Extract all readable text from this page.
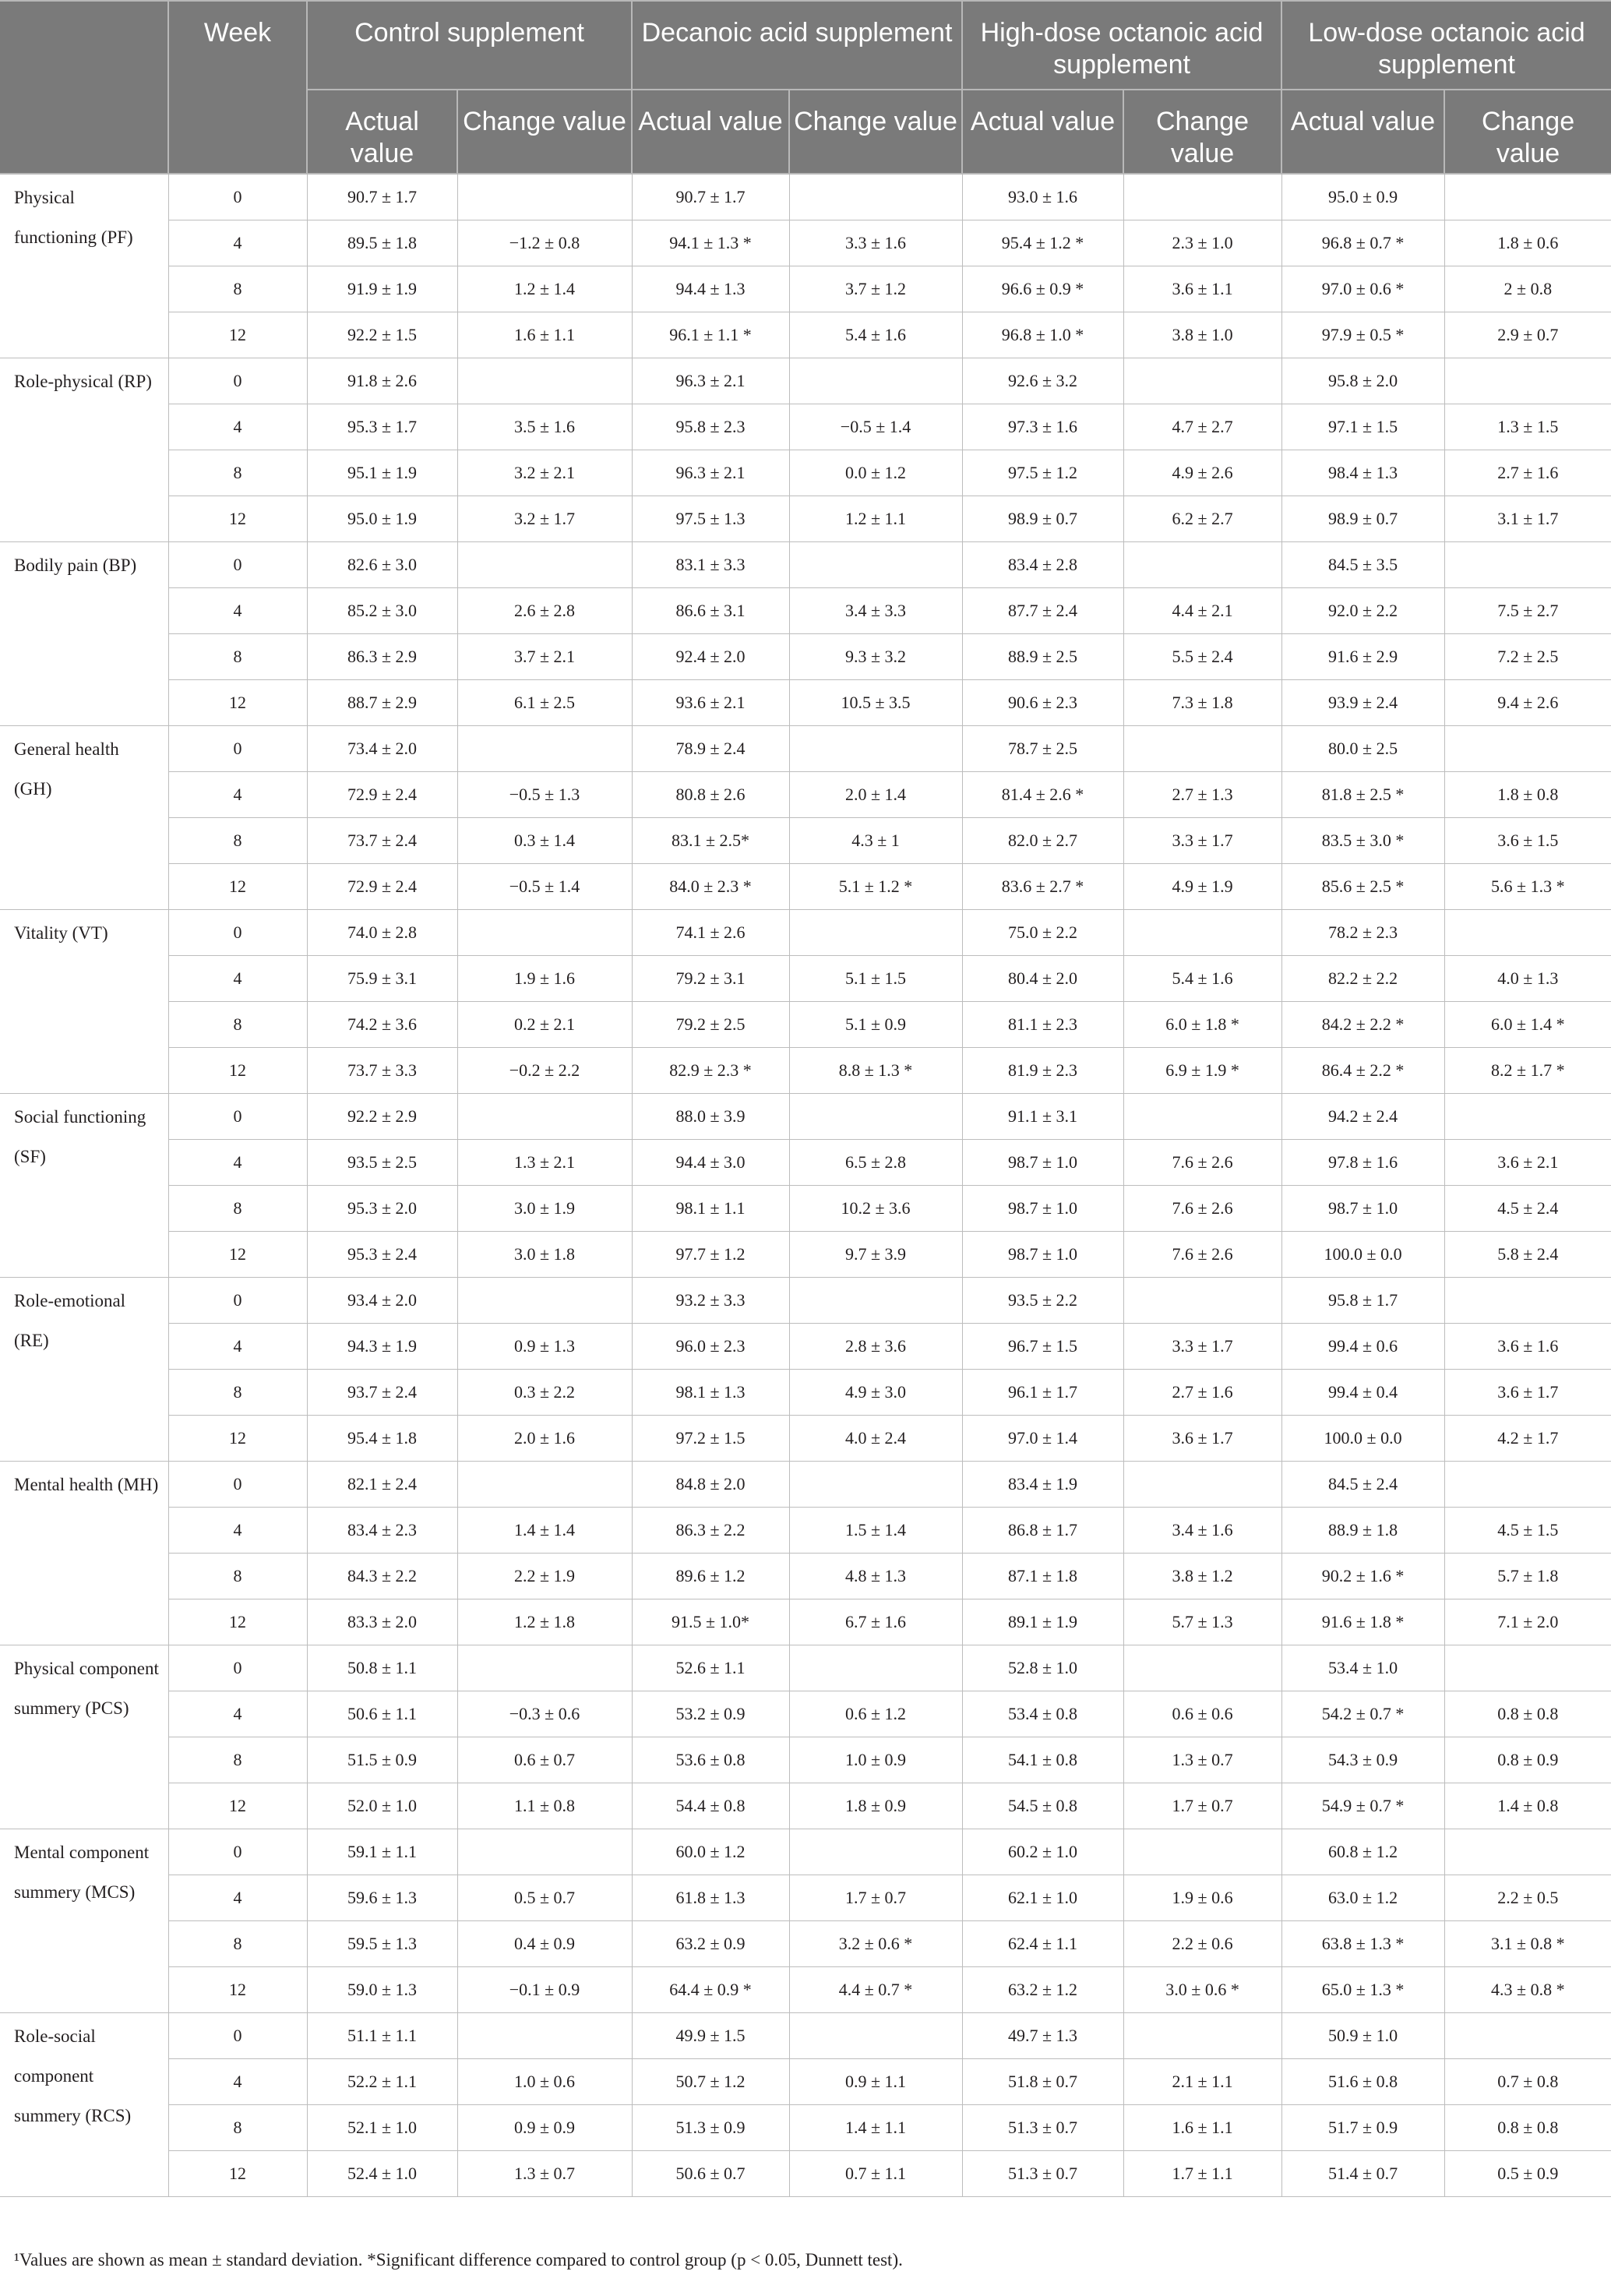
	Week	Control supplement		Decanoic acid supplement		High-dose octanoic acid supplement		Low-dose octanoic acid supplement	
		Actual value	Change value	Actual value	Change value	Actual value	Change value	Actual value	Change value
Physical functioning (PF)	0	90.7 ± 1.7		90.7 ± 1.7		93.0 ± 1.6		95.0 ± 0.9	
	4	89.5 ± 1.8	−1.2 ± 0.8	94.1 ± 1.3 *	3.3 ± 1.6	95.4 ± 1.2 *	2.3 ± 1.0	96.8 ± 0.7 *	1.8 ± 0.6
	8	91.9 ± 1.9	1.2 ± 1.4	94.4 ± 1.3	3.7 ± 1.2	96.6 ± 0.9 *	3.6 ± 1.1	97.0 ± 0.6 *	2 ± 0.8
	12	92.2 ± 1.5	1.6 ± 1.1	96.1 ± 1.1 *	5.4 ± 1.6	96.8 ± 1.0 *	3.8 ± 1.0	97.9 ± 0.5 *	2.9 ± 0.7
Role-physical (RP)	0	91.8 ± 2.6		96.3 ± 2.1		92.6 ± 3.2		95.8 ± 2.0	
	4	95.3 ± 1.7	3.5 ± 1.6	95.8 ± 2.3	−0.5 ± 1.4	97.3 ± 1.6	4.7 ± 2.7	97.1 ± 1.5	1.3 ± 1.5
	8	95.1 ± 1.9	3.2 ± 2.1	96.3 ± 2.1	0.0 ± 1.2	97.5 ± 1.2	4.9 ± 2.6	98.4 ± 1.3	2.7 ± 1.6
	12	95.0 ± 1.9	3.2 ± 1.7	97.5 ± 1.3	1.2 ± 1.1	98.9 ± 0.7	6.2 ± 2.7	98.9 ± 0.7	3.1 ± 1.7
Bodily pain (BP)	0	82.6 ± 3.0		83.1 ± 3.3		83.4 ± 2.8		84.5 ± 3.5	
	4	85.2 ± 3.0	2.6 ± 2.8	86.6 ± 3.1	3.4 ± 3.3	87.7 ± 2.4	4.4 ± 2.1	92.0 ± 2.2	7.5 ± 2.7
	8	86.3 ± 2.9	3.7 ± 2.1	92.4 ± 2.0	9.3 ± 3.2	88.9 ± 2.5	5.5 ± 2.4	91.6 ± 2.9	7.2 ± 2.5
	12	88.7 ± 2.9	6.1 ± 2.5	93.6 ± 2.1	10.5 ± 3.5	90.6 ± 2.3	7.3 ± 1.8	93.9 ± 2.4	9.4 ± 2.6
General health (GH)	0	73.4 ± 2.0		78.9 ± 2.4		78.7 ± 2.5		80.0 ± 2.5	
	4	72.9 ± 2.4	−0.5 ± 1.3	80.8 ± 2.6	2.0 ± 1.4	81.4 ± 2.6 *	2.7 ± 1.3	81.8 ± 2.5 *	1.8 ± 0.8
	8	73.7 ± 2.4	0.3 ± 1.4	83.1 ± 2.5*	4.3 ± 1	82.0 ± 2.7	3.3 ± 1.7	83.5 ± 3.0 *	3.6 ± 1.5
	12	72.9 ± 2.4	−0.5 ± 1.4	84.0 ± 2.3 *	5.1 ± 1.2 *	83.6 ± 2.7 *	4.9 ± 1.9	85.6 ± 2.5 *	5.6 ± 1.3 *
Vitality (VT)	0	74.0 ± 2.8		74.1 ± 2.6		75.0 ± 2.2		78.2 ± 2.3	
	4	75.9 ± 3.1	1.9 ± 1.6	79.2 ± 3.1	5.1 ± 1.5	80.4 ± 2.0	5.4 ± 1.6	82.2 ± 2.2	4.0 ± 1.3
	8	74.2 ± 3.6	0.2 ± 2.1	79.2 ± 2.5	5.1 ± 0.9	81.1 ± 2.3	6.0 ± 1.8 *	84.2 ± 2.2 *	6.0 ± 1.4 *
	12	73.7 ± 3.3	−0.2 ± 2.2	82.9 ± 2.3 *	8.8 ± 1.3 *	81.9 ± 2.3	6.9 ± 1.9 *	86.4 ± 2.2 *	8.2 ± 1.7 *
Social functioning (SF)	0	92.2 ± 2.9		88.0 ± 3.9		91.1 ± 3.1		94.2 ± 2.4	
	4	93.5 ± 2.5	1.3 ± 2.1	94.4 ± 3.0	6.5 ± 2.8	98.7 ± 1.0	7.6 ± 2.6	97.8 ± 1.6	3.6 ± 2.1
	8	95.3 ± 2.0	3.0 ± 1.9	98.1 ± 1.1	10.2 ± 3.6	98.7 ± 1.0	7.6 ± 2.6	98.7 ± 1.0	4.5 ± 2.4
	12	95.3 ± 2.4	3.0 ± 1.8	97.7 ± 1.2	9.7 ± 3.9	98.7 ± 1.0	7.6 ± 2.6	100.0 ± 0.0	5.8 ± 2.4
Role-emotional (RE)	0	93.4 ± 2.0		93.2 ± 3.3		93.5 ± 2.2		95.8 ± 1.7	
	4	94.3 ± 1.9	0.9 ± 1.3	96.0 ± 2.3	2.8 ± 3.6	96.7 ± 1.5	3.3 ± 1.7	99.4 ± 0.6	3.6 ± 1.6
	8	93.7 ± 2.4	0.3 ± 2.2	98.1 ± 1.3	4.9 ± 3.0	96.1 ± 1.7	2.7 ± 1.6	99.4 ± 0.4	3.6 ± 1.7
	12	95.4 ± 1.8	2.0 ± 1.6	97.2 ± 1.5	4.0 ± 2.4	97.0 ± 1.4	3.6 ± 1.7	100.0 ± 0.0	4.2 ± 1.7
Mental health (MH)	0	82.1 ± 2.4		84.8 ± 2.0		83.4 ± 1.9		84.5 ± 2.4	
	4	83.4 ± 2.3	1.4 ± 1.4	86.3 ± 2.2	1.5 ± 1.4	86.8 ± 1.7	3.4 ± 1.6	88.9 ± 1.8	4.5 ± 1.5
	8	84.3 ± 2.2	2.2 ± 1.9	89.6 ± 1.2	4.8 ± 1.3	87.1 ± 1.8	3.8 ± 1.2	90.2 ± 1.6 *	5.7 ± 1.8
	12	83.3 ± 2.0	1.2 ± 1.8	91.5 ± 1.0*	6.7 ± 1.6	89.1 ± 1.9	5.7 ± 1.3	91.6 ± 1.8 *	7.1 ± 2.0
Physical component summery (PCS)	0	50.8 ± 1.1		52.6 ± 1.1		52.8 ± 1.0		53.4 ± 1.0	
	4	50.6 ± 1.1	−0.3 ± 0.6	53.2 ± 0.9	0.6 ± 1.2	53.4 ± 0.8	0.6 ± 0.6	54.2 ± 0.7 *	0.8 ± 0.8
	8	51.5 ± 0.9	0.6 ± 0.7	53.6 ± 0.8	1.0 ± 0.9	54.1 ± 0.8	1.3 ± 0.7	54.3 ± 0.9	0.8 ± 0.9
	12	52.0 ± 1.0	1.1 ± 0.8	54.4 ± 0.8	1.8 ± 0.9	54.5 ± 0.8	1.7 ± 0.7	54.9 ± 0.7 *	1.4 ± 0.8
Mental component summery (MCS)	0	59.1 ± 1.1		60.0 ± 1.2		60.2 ± 1.0		60.8 ± 1.2	
	4	59.6 ± 1.3	0.5 ± 0.7	61.8 ± 1.3	1.7 ± 0.7	62.1 ± 1.0	1.9 ± 0.6	63.0 ± 1.2	2.2 ± 0.5
	8	59.5 ± 1.3	0.4 ± 0.9	63.2 ± 0.9	3.2 ± 0.6 *	62.4 ± 1.1	2.2 ± 0.6	63.8 ± 1.3 *	3.1 ± 0.8 *
	12	59.0 ± 1.3	−0.1 ± 0.9	64.4 ± 0.9 *	4.4 ± 0.7 *	63.2 ± 1.2	3.0 ± 0.6 *	65.0 ± 1.3 *	4.3 ± 0.8 *
Role-social component summery (RCS)	0	51.1 ± 1.1		49.9 ± 1.5		49.7 ± 1.3		50.9 ± 1.0	
	4	52.2 ± 1.1	1.0 ± 0.6	50.7 ± 1.2	0.9 ± 1.1	51.8 ± 0.7	2.1 ± 1.1	51.6 ± 0.8	0.7 ± 0.8
	8	52.1 ± 1.0	0.9 ± 0.9	51.3 ± 0.9	1.4 ± 1.1	51.3 ± 0.7	1.6 ± 1.1	51.7 ± 0.9	0.8 ± 0.8
	12	52.4 ± 1.0	1.3 ± 0.7	50.6 ± 0.7	0.7 ± 1.1	51.3 ± 0.7	1.7 ± 1.1	51.4 ± 0.7	0.5 ± 0.9
¹Values are shown as mean ± standard deviation. *Significant difference compared to control group (p < 0.05, Dunnett test).
